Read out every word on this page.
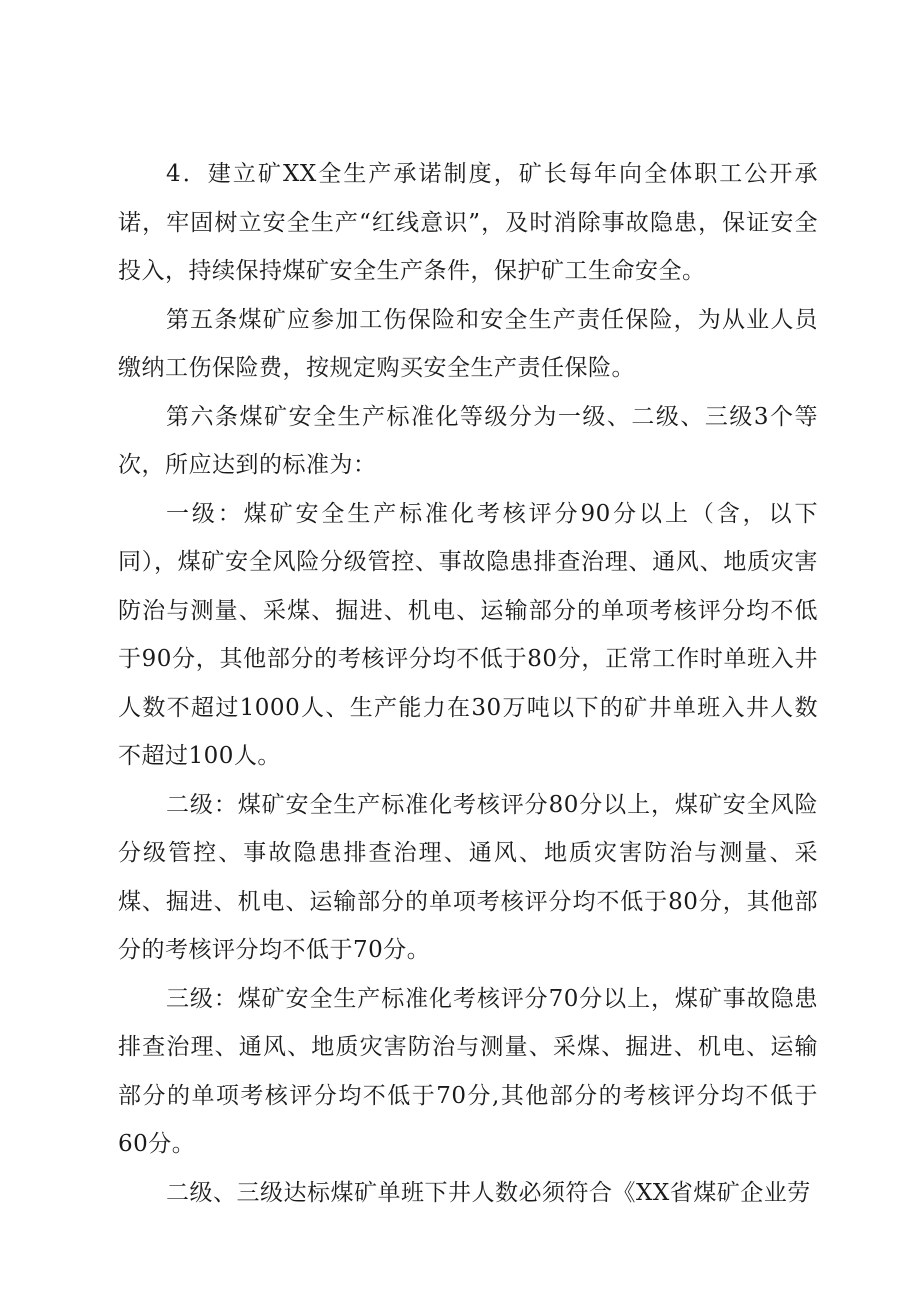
4．建立矿XX全生产承诺制度，矿长每年向全体职工公开承诺，牢固树立安全生产“红线意识”，及时消除事故隐患，保证安全投入，持续保持煤矿安全生产条件，保护矿工生命安全。

第五条煤矿应参加工伤保险和安全生产责任保险，为从业人员缴纳工伤保险费，按规定购买安全生产责任保险。

第六条煤矿安全生产标准化等级分为一级、二级、三级3个等次，所应达到的标准为：

一级：煤矿安全生产标准化考核评分90分以上（含，以下同），煤矿安全风险分级管控、事故隐患排查治理、通风、地质灾害防治与测量、采煤、掘进、机电、运输部分的单项考核评分均不低于90分，其他部分的考核评分均不低于80分，正常工作时单班入井人数不超过1000人、生产能力在30万吨以下的矿井单班入井人数不超过100人。

二级：煤矿安全生产标准化考核评分80分以上，煤矿安全风险分级管控、事故隐患排查治理、通风、地质灾害防治与测量、采煤、掘进、机电、运输部分的单项考核评分均不低于80分，其他部分的考核评分均不低于70分。

三级：煤矿安全生产标准化考核评分70分以上，煤矿事故隐患排查治理、通风、地质灾害防治与测量、采煤、掘进、机电、运输部分的单项考核评分均不低于70分,其他部分的考核评分均不低于60分。

二级、三级达标煤矿单班下井人数必须符合《XX省煤矿企业劳
